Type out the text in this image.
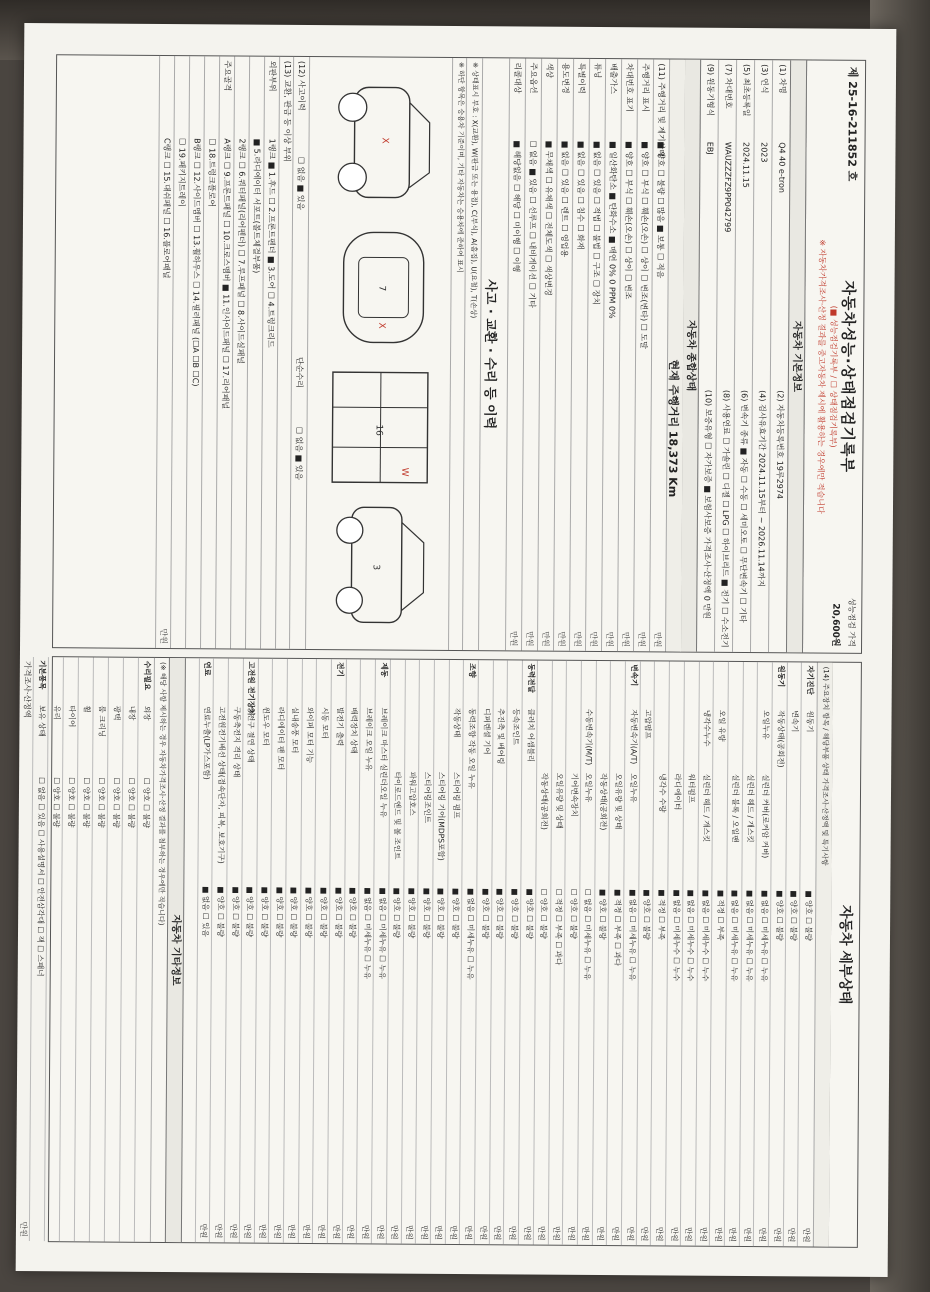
제 25-16-211852 호
자동차성능·상태점검기록부
(■ 성능점검기록부 / ☐ 상태점검기록부)
※ 자동차가격조사·산정 결과를 중고자동차 제시에 활용하는 경우에만 적습니다
성능점검 가격
20,600원
자동차 기본정보
(1) 차명
Q4 40 e-tron
(2) 자동차등록번호 19루2974
(3) 연식
2023
(4) 검사유효기간 2024.11.15부터 ~ 2026.11.14까지
(5) 최초등록일
2024.11.15
(6) 변속기 종류 ■ 자동 ☐ 수동 ☐ 세미오토 ☐ 무단변속기 ☐ 기타
(7) 차대번호
WAUZZZFZ9PP042799
(8) 사용연료 ☐ 가솔린 ☐ 디젤 ☐ LPG ☐ 하이브리드 ■ 전기 ☐ 수소전기
(9) 원동기형식
EBJ
(10) 보증유형 ☐ 자가보증 ■ 보험사보증 가격조사·산정액 0 만원
자동차 종합상태
현재 주행거리 18,373 Km
(11) 주행거리 및 계기상태
■ 양호 ☐ 불량 ☐ 많음 ■ 보통 ☐ 적음
만원
주행거리 표시
■ 양호 ☐ 부식 ☐ 훼손(오손) ☐ 상이 ☐ 변조(변타) ☐ 도말
만원
차대번호 표기
■ 양호 ☐ 부식 ☐ 훼손(오손) ☐ 상이 ☐ 변조
만원
배출가스
■ 일산화탄소 ■ 탄화수소 ■ 매연 0% 0 PPM 0%
만원
튜닝
■ 없음 ☐ 있음 ☐ 적법 ☐ 불법 ☐ 구조 ☐ 장치
만원
특별이력
■ 없음 ☐ 있음 ☐ 침수 ☐ 화재
만원
용도변경
■ 없음 ☐ 있음 ☐ 렌트 ☐ 영업용
만원
색상
■ 무채색 ☐ 유채색 ☐ 전체도색 ☐ 색상변경
만원
주요옵션
☐ 없음 ■ 있음 ☐ 선루프 ☐ 내비게이션 ☐ 기타
만원
리콜대상
■ 해당없음 ☐ 해당 ☐ 미이행 ☐ 이행
만원
사고 · 교환 · 수리 등 이력
※ 상태표시 부호 : X(교환), W(판금 또는 용접), C(부식), A(흠집), U(요철), T(손상)
※ 하단 항목은 승용차 기준이며, 기타 자동차는 승용차에 준하여 표시
X
7
X
W
16
3
(12) 사고이력
☐ 없음 ■ 있음
단순수리
☐ 없음 ■ 있음
(13) 교환, 판금 등 이상 부위
외판부위
1랭크 ■ 1.후드 ☐ 2.프론트펜더 ■ 3.도어 ☐ 4.트렁크리드
■ 5.라디에이터 서포트(볼트체결부품)
2랭크 ☐ 6.쿼터패널(리어펜더) ☐ 7.루프패널 ☐ 8.사이드실패널
주요골격
A랭크 ☐ 9.프론트패널 ☐ 10.크로스멤버 ■ 11.인사이드패널 ☐ 17.리어패널
☐ 18.트렁크플로어
B랭크 ☐ 12.사이드멤버 ☐ 13.휠하우스 ☐ 14.필러패널 (☐A ☐B ☐C)
☐ 19.패키지트레이
C랭크 ☐ 15.대쉬패널 ☐ 16.플로어패널
만원
자동차 세부상태
(14) 주요장치 항목 / 해당부품 상태 가격조사·산정액 및 특기사항
자기진단
원동기
■ 양호 ☐ 불량
만원
변속기
■ 양호 ☐ 불량
만원
원동기
작동상태(공회전)
■ 양호 ☐ 불량
만원
오일누유
실린더 커버(로커암 커버)
■ 없음 ☐ 미세누유 ☐ 누유
만원
실린더 헤드 / 개스킷
■ 없음 ☐ 미세누유 ☐ 누유
만원
실린더 블록 / 오일팬
■ 없음 ☐ 미세누유 ☐ 누유
만원
오일 유량
■ 적정 ☐ 부족
만원
냉각수누수
실린더 헤드 / 개스킷
■ 없음 ☐ 미세누수 ☐ 누수
만원
워터펌프
■ 없음 ☐ 미세누수 ☐ 누수
만원
라디에이터
■ 없음 ☐ 미세누수 ☐ 누수
만원
냉각수 수량
■ 적정 ☐ 부족
만원
고압펌프
■ 양호 ☐ 불량
만원
변속기
자동변속기(A/T)
오일누유
■ 없음 ☐ 미세누유 ☐ 누유
만원
오일유량 및 상태
■ 적정 ☐ 부족 ☐ 과다
만원
작동상태(공회전)
■ 양호 ☐ 불량
만원
수동변속기(M/T)
오일누유
☐ 없음 ☐ 미세누유 ☐ 누유
만원
기어변속장치
☐ 양호 ☐ 불량
만원
오일유량 및 상태
☐ 적정 ☐ 부족 ☐ 과다
만원
작동상태(공회전)
☐ 양호 ☐ 불량
만원
동력전달
클러치 어셈블리
■ 양호 ☐ 불량
만원
등속조인트
■ 양호 ☐ 불량
만원
추진축 및 베어링
■ 양호 ☐ 불량
만원
디퍼렌셜 기어
■ 양호 ☐ 불량
만원
조향
동력조향 작동 오일 누유
■ 없음 ☐ 미세누유 ☐ 누유
만원
작동상태
스티어링 펌프
■ 양호 ☐ 불량
만원
스티어링 기어(MDPS포함)
■ 양호 ☐ 불량
만원
스티어링조인트
■ 양호 ☐ 불량
만원
파워고압호스
■ 양호 ☐ 불량
만원
타이로드엔드 및 볼 조인트
■ 양호 ☐ 불량
만원
제동
브레이크 마스터 실린더오일 누유
■ 없음 ☐ 미세누유 ☐ 누유
만원
브레이크 오일 누유
■ 없음 ☐ 미세누유 ☐ 누유
만원
배력장치 상태
■ 양호 ☐ 불량
만원
전기
발전기 출력
■ 양호 ☐ 불량
만원
시동 모터
■ 양호 ☐ 불량
만원
와이퍼 모터 기능
■ 양호 ☐ 불량
만원
실내송풍 모터
■ 양호 ☐ 불량
만원
라디에이터 팬 모터
■ 양호 ☐ 불량
만원
윈도우 모터
■ 양호 ☐ 불량
만원
고전원 전기장치
충전구 절연 상태
■ 양호 ☐ 불량
만원
구동축전지 격리 상태
■ 양호 ☐ 불량
만원
고전원전기배선 상태(접속단자, 피복, 보호기구)
■ 양호 ☐ 불량
만원
연료
연료누출(LP가스포함)
■ 없음 ☐ 있음
만원
자동차 기타정보
(※ 해당 사항 제시하는 경우 자동차가격조사·산정 결과를 첨부하는 경우에만 적습니다)
수리필요
외장
☐ 양호 ☐ 불량
내장
☐ 양호 ☐ 불량
광택
☐ 양호 ☐ 불량
룸 크리닝
☐ 양호 ☐ 불량
휠
☐ 양호 ☐ 불량
타이어
☐ 양호 ☐ 불량
유리
☐ 양호 ☐ 불량
기본품목
보유 상태
☐ 없음 ☐ 있음 ☐ 사용설명서 ☐ 안전삼각대 ☐ 잭 ☐ 스패너
가격조사·산정액
만원
